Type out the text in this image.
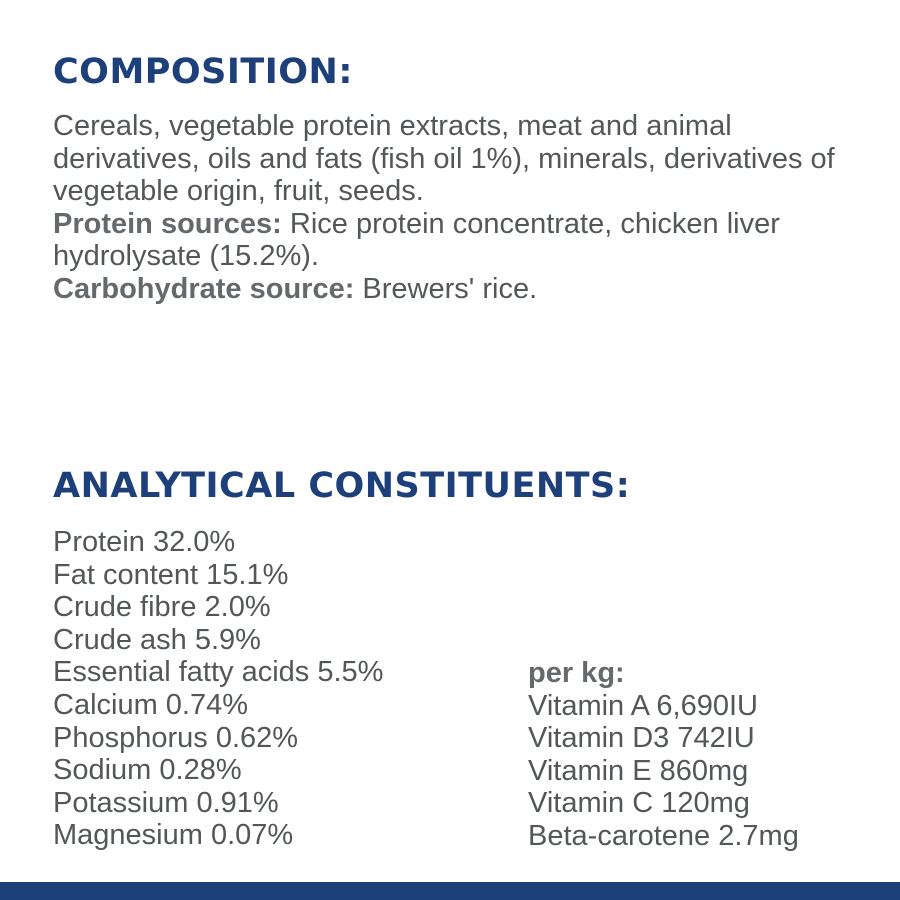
COMPOSITION:

Cereals, vegetable protein extracts, meat and animal derivatives, oils and fats (fish oil 1%), minerals, derivatives of vegetable origin, fruit, seeds.

Protein sources: Rice protein concentrate, chicken liver hydrolysate (15.2%).

Carbohydrate source: Brewers' rice.

ANALYTICAL CONSTITUENTS:
Protein 32.0%
Fat content 15.1%
Crude fibre 2.0%
Crude ash 5.9%
Essential fatty acids 5.5%
Calcium 0.74%
Phosphorus 0.62%
Sodium 0.28%
Potassium 0.91%
Magnesium 0.07%
per kg:
Vitamin A 6,690IU
Vitamin D3 742IU
Vitamin E 860mg
Vitamin C 120mg
Beta-carotene 2.7mg
